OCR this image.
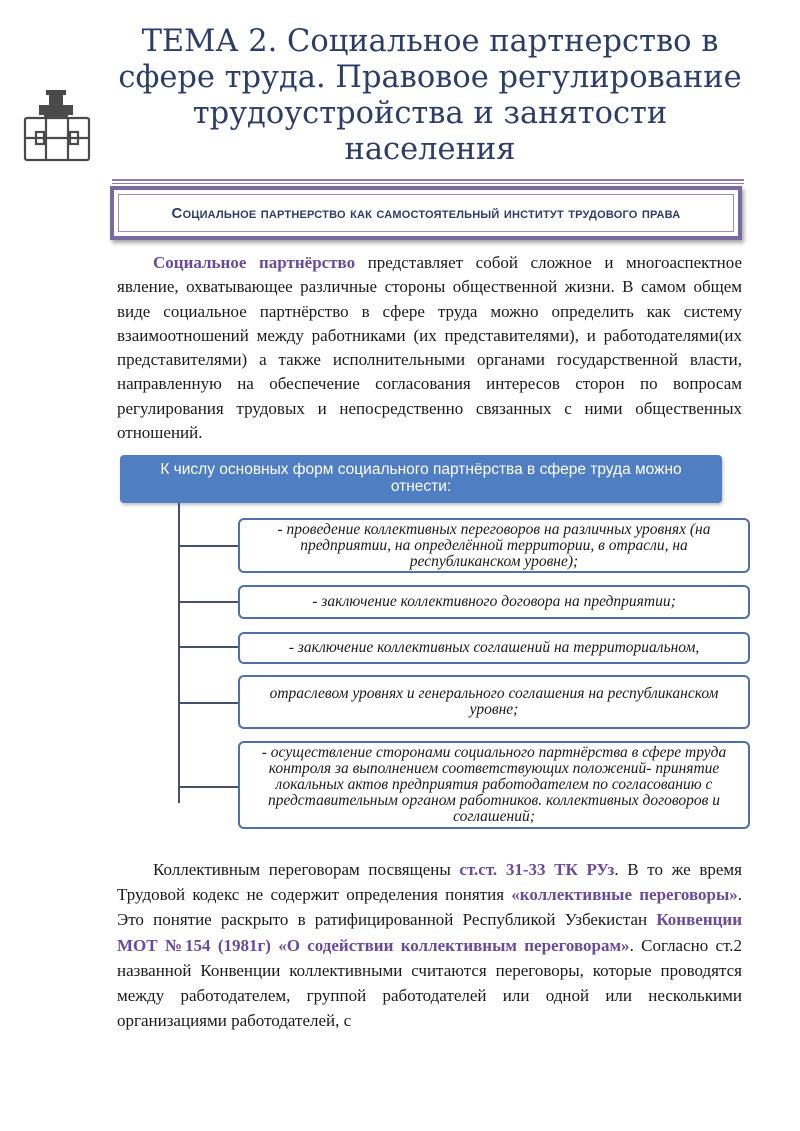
ТЕМА 2. Социальное партнерство в сфере труда. Правовое регулирование трудоустройства и занятости населения
Социальное партнерство как самостоятельный институт трудового права

Социальное партнёрство представляет собой сложное и многоаспектное явление, охватывающее различные стороны общественной жизни. В самом общем виде социальное партнёрство в сфере труда можно определить как систему взаимоотношений между работниками (их представителями), и работодателями(их представителями) а также исполнительными органами государственной власти, направленную на обеспечение согласования интересов сторон по вопросам регулирования трудовых и непосредственно связанных с ними общественных отношений.

К числу основных форм социального партнёрства в сфере труда можно отнести:
- проведение коллективных переговоров на различных уровнях (на предприятии, на определённой территории, в отрасли, на республиканском уровне);
- заключение коллективного договора на предприятии;
- заключение коллективных соглашений на территориальном,
отраслевом уровнях и генерального соглашения на республиканском уровне;
- осуществление сторонами социального партнёрства в сфере труда контроля за выполнением соответствующих положений- принятие локальных актов предприятия работодателем по согласованию с представительным органом работников. коллективных договоров и соглашений;

Коллективным переговорам посвящены ст.ст. 31-33 ТК РУз. В то же время Трудовой кодекс не содержит определения понятия «коллективные переговоры». Это понятие раскрыто в ратифицированной Республикой Узбекистан Конвенции МОТ №154 (1981г) «О содействии коллективным переговорам». Согласно ст.2 названной Конвенции коллективными считаются переговоры, которые проводятся между работодателем, группой работодателей или одной или несколькими организациями работодателей, с
